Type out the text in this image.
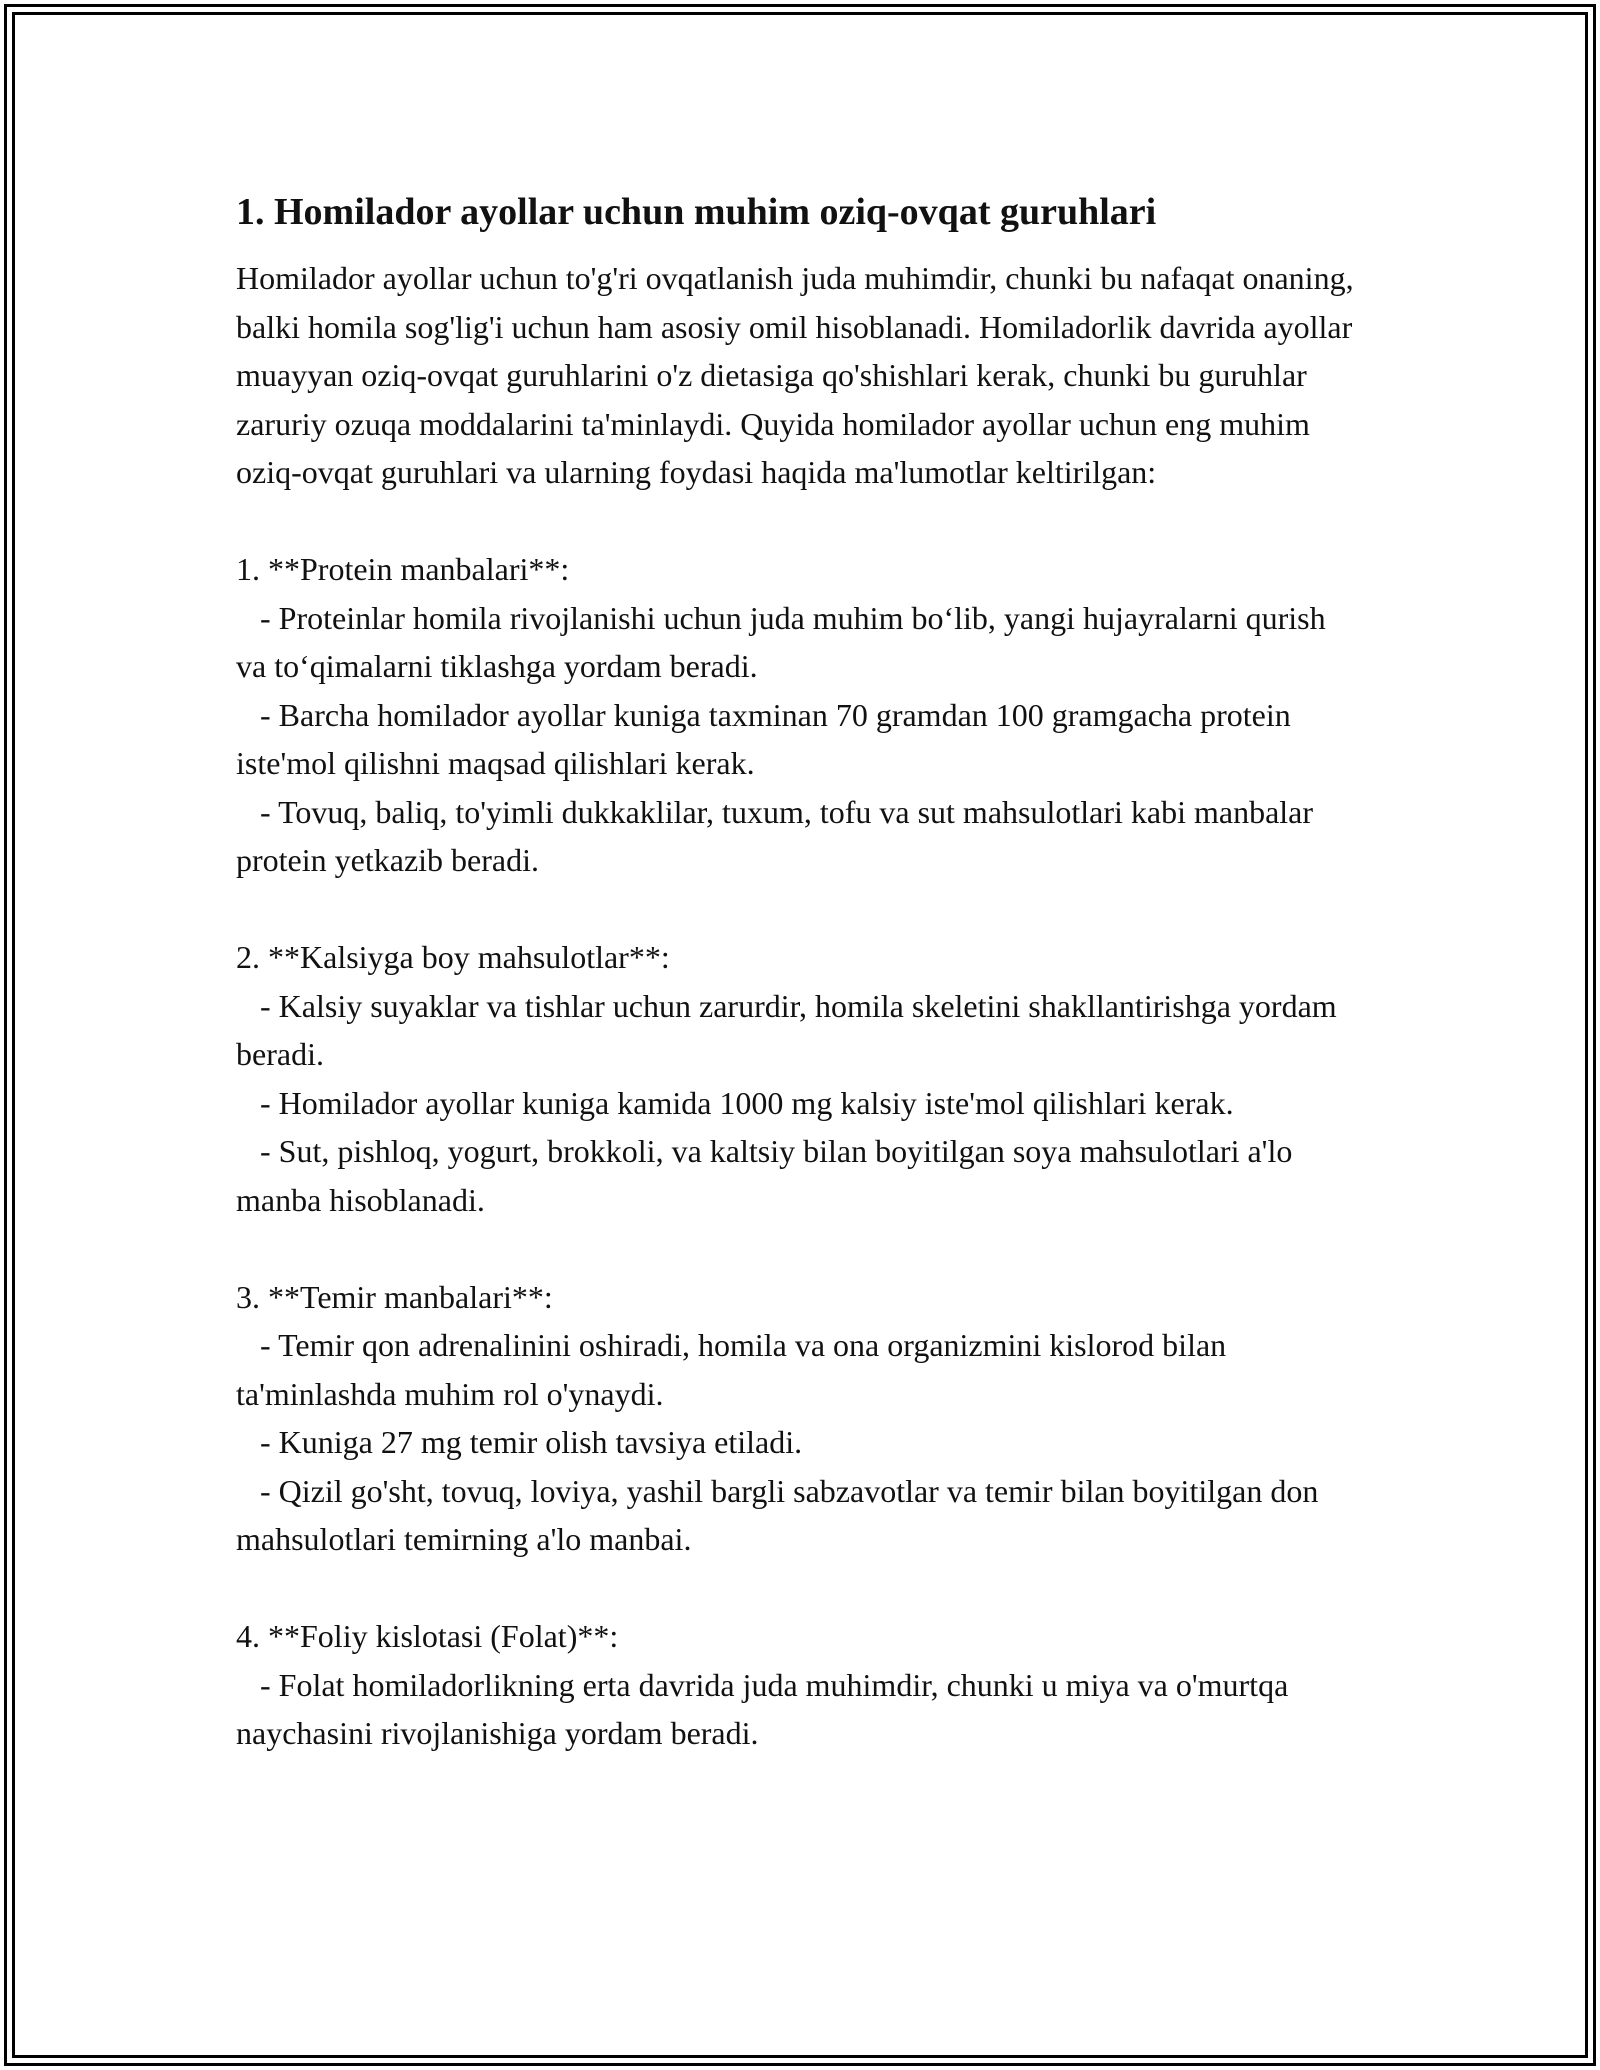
1. Homilador ayollar uchun muhim oziq-ovqat guruhlari

Homilador ayollar uchun to'g'ri ovqatlanish juda muhimdir, chunki bu nafaqat onaning, balki homila sog'lig'i uchun ham asosiy omil hisoblanadi. Homiladorlik davrida ayollar muayyan oziq-ovqat guruhlarini o'z dietasiga qo'shishlari kerak, chunki bu guruhlar zaruriy ozuqa moddalarini ta'minlaydi. Quyida homilador ayollar uchun eng muhim oziq-ovqat guruhlari va ularning foydasi haqida ma'lumotlar keltirilgan:

1. **Protein manbalari**:

- Proteinlar homila rivojlanishi uchun juda muhim bo‘lib, yangi hujayralarni qurish va to‘qimalarni tiklashga yordam beradi.

- Barcha homilador ayollar kuniga taxminan 70 gramdan 100 gramgacha protein iste'mol qilishni maqsad qilishlari kerak.

- Tovuq, baliq, to'yimli dukkaklilar, tuxum, tofu va sut mahsulotlari kabi manbalar protein yetkazib beradi.

2. **Kalsiyga boy mahsulotlar**:

- Kalsiy suyaklar va tishlar uchun zarurdir, homila skeletini shakllantirishga yordam beradi.

- Homilador ayollar kuniga kamida 1000 mg kalsiy iste'mol qilishlari kerak.

- Sut, pishloq, yogurt, brokkoli, va kaltsiy bilan boyitilgan soya mahsulotlari a'lo manba hisoblanadi.

3. **Temir manbalari**:

- Temir qon adrenalinini oshiradi, homila va ona organizmini kislorod bilan ta'minlashda muhim rol o'ynaydi.

- Kuniga 27 mg temir olish tavsiya etiladi.

- Qizil go'sht, tovuq, loviya, yashil bargli sabzavotlar va temir bilan boyitilgan don mahsulotlari temirning a'lo manbai.

4. **Foliy kislotasi (Folat)**:

- Folat homiladorlikning erta davrida juda muhimdir, chunki u miya va o'murtqa naychasini rivojlanishiga yordam beradi.
